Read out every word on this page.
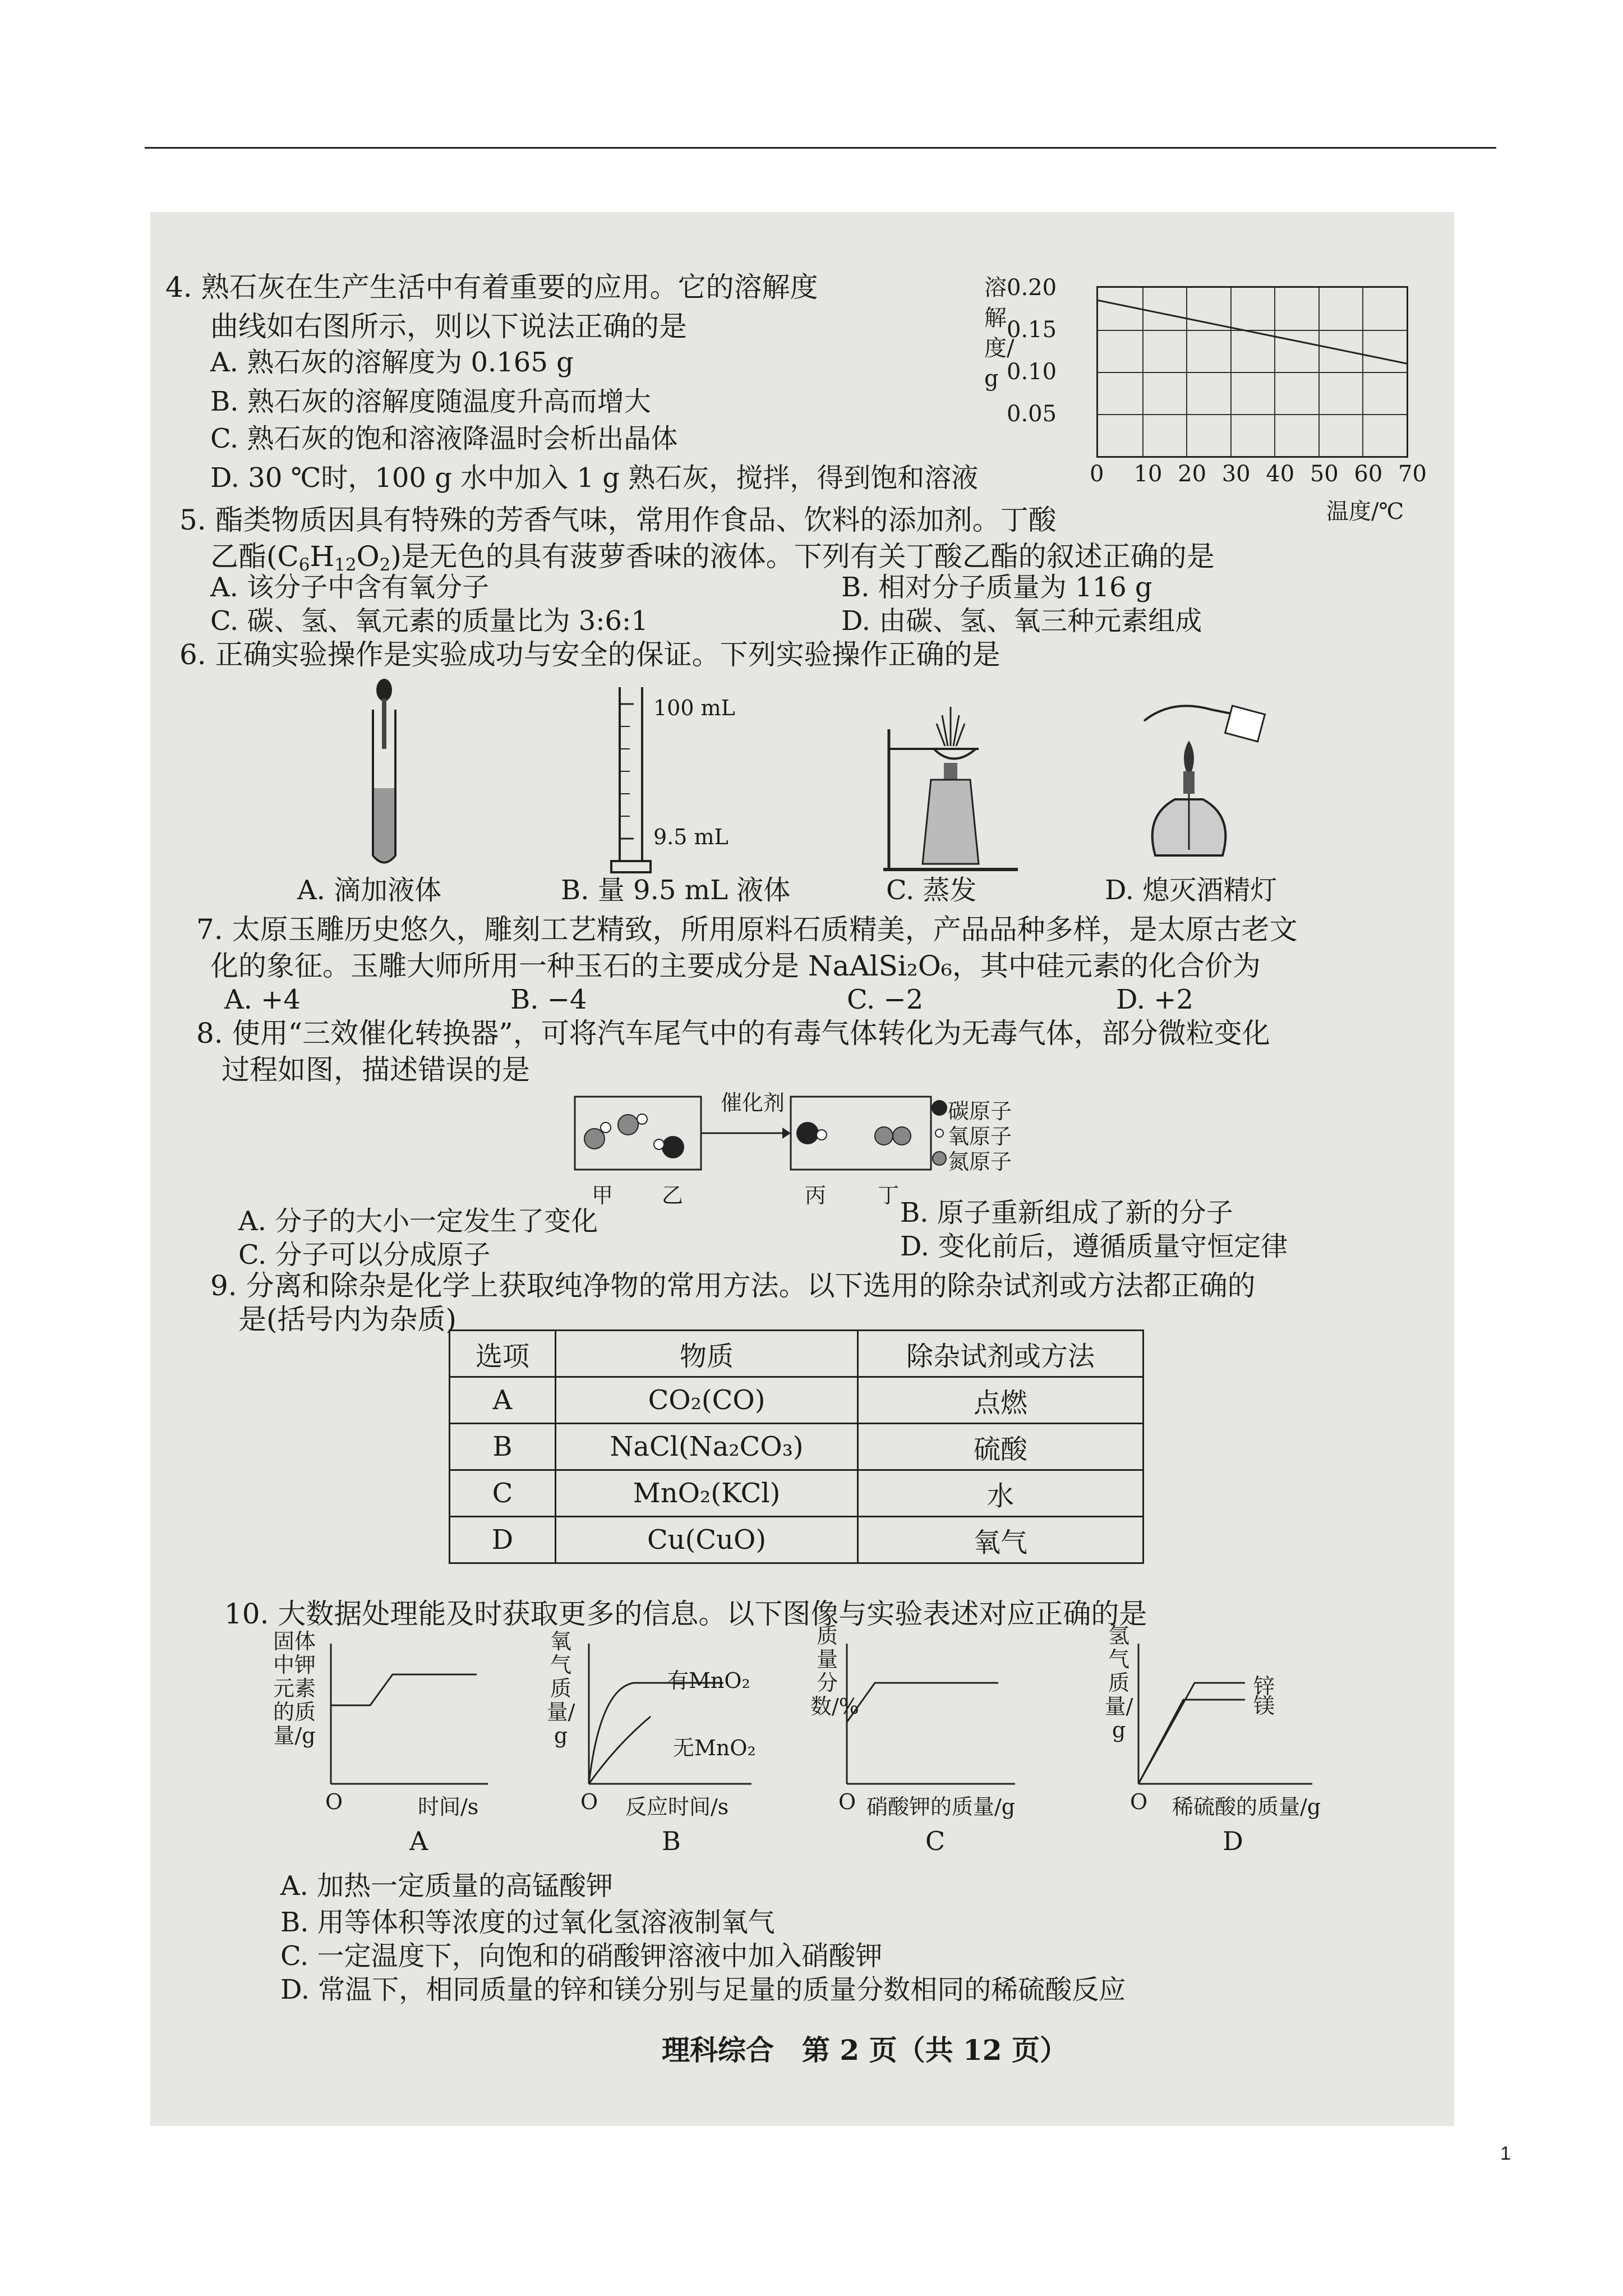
4. 熟石灰在生产生活中有着重要的应用。它的溶解度
曲线如右图所示，则以下说法正确的是
A. 熟石灰的溶解度为 0.165 g
B. 熟石灰的溶解度随温度升高而增大
C. 熟石灰的饱和溶液降温时会析出晶体
D. 30 ℃时，100 g 水中加入 1 g 熟石灰，搅拌，得到饱和溶液
0.20
0.15
0.10
0.05
溶解度/g
0 10 20 30 40 50 60 70
温度/℃
5. 酯类物质因具有特殊的芳香气味，常用作食品、饮料的添加剂。丁酸
乙酯$(C_6H_{12}O_2)$是无色的具有菠萝香味的液体。下列有关丁酸乙酯的叙述正确的是
A. 该分子中含有氧分子	B. 相对分子质量为 116 g
C. 碳、氢、氧元素的质量比为 3:6:1	D. 由碳、氢、氧三种元素组成
6. 正确实验操作是实验成功与安全的保证。下列实验操作正确的是
100 mL
9.5 mL
A. 滴加液体	B. 量 9.5 mL 液体	C. 蒸发	D. 熄灭酒精灯
7. 太原玉雕历史悠久，雕刻工艺精致，所用原料石质精美，产品品种多样，是太原古老文
化的象征。玉雕大师所用一种玉石的主要成分是 NaAlSi₂O₆，其中硅元素的化合价为
A. +4	B. −4	C. −2	D. +2
8. 使用“三效催化转换器”，可将汽车尾气中的有毒气体转化为无毒气体，部分微粒变化
过程如图，描述错误的是
催化剂	碳原子
氧原子
氮原子
甲 乙	丙 丁
A. 分子的大小一定发生了变化	B. 原子重新组成了新的分子
C. 分子可以分成原子	D. 变化前后，遵循质量守恒定律
9. 分离和除杂是化学上获取纯净物的常用方法。以下选用的除杂试剂或方法都正确的
是(括号内为杂质)
选项	物质	除杂试剂或方法
A	CO₂(CO)	点燃
B	NaCl(Na₂CO₃)	硫酸
C	MnO₂(KCl)	水
D	Cu(CuO)	氧气
10. 大数据处理能及时获取更多的信息。以下图像与实验表述对应正确的是
固体中钾元素的质量/g
O	时间/s
A
氧气质量/g
有MnO₂
无MnO₂
O 反应时间/s
B
质量分数/%
O 硝酸钾的质量/g
C
氢气质量/g
锌
镁
O 稀硫酸的质量/g
D
A. 加热一定质量的高锰酸钾
B. 用等体积等浓度的过氧化氢溶液制氧气
C. 一定温度下，向饱和的硝酸钾溶液中加入硝酸钾
D. 常温下，相同质量的锌和镁分别与足量的质量分数相同的稀硫酸反应
理科综合　第 2 页（共 12 页）
1
